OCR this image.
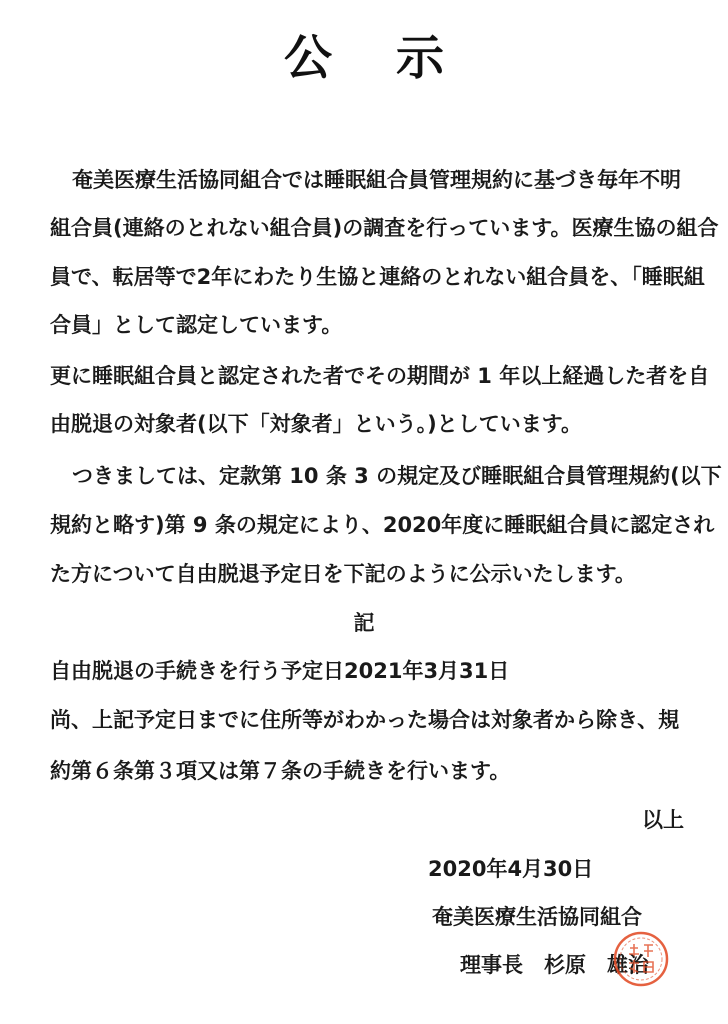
公示
奄美医療生活協同組合では睡眠組合員管理規約に基づき毎年不明
組合員(連絡のとれない組合員)の調査を行っています。医療生協の組合
員で、転居等で2年にわたり生協と連絡のとれない組合員を、「睡眠組
合員」として認定しています。
更に睡眠組合員と認定された者でその期間が 1 年以上経過した者を自
由脱退の対象者(以下「対象者」という。)としています。
つきましては、定款第 10 条 3 の規定及び睡眠組合員管理規約(以下
規約と略す)第 9 条の規定により、2020年度に睡眠組合員に認定され
た方について自由脱退予定日を下記のように公示いたします。
記
自由脱退の手続きを行う予定日2021年3月31日
尚、上記予定日までに住所等がわかった場合は対象者から除き、規
約第６条第３項又は第７条の手続きを行います。
以上
2020年4月30日
奄美医療生活協同組合
理事長　杉原　雄治
